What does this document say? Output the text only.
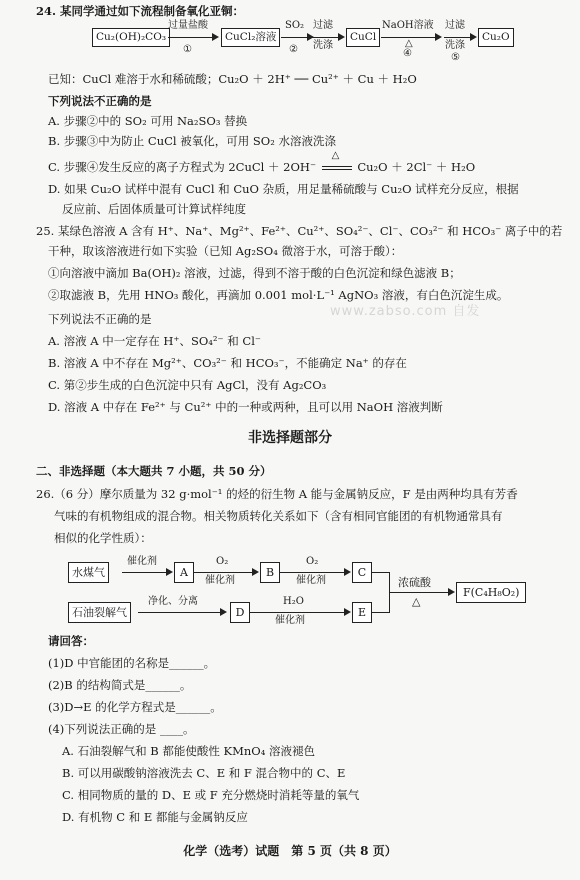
24. 某同学通过如下流程制备氧化亚铜：
Cu₂(OH)₂CO₃
过量盐酸
①
CuCl₂溶液
SO₂
②
过滤
洗涤
CuCl
NaOH溶液
△
④
过滤
洗涤
⑤
Cu₂O
已知：CuCl 难溶于水和稀硫酸；Cu₂O ＋ 2H⁺ ── Cu²⁺ ＋ Cu ＋ H₂O
下列说法不正确的是
A. 步骤②中的 SO₂ 可用 Na₂SO₃ 替换
B. 步骤③中为防止 CuCl 被氧化，可用 SO₂ 水溶液洗涤
C. 步骤④发生反应的离子方程式为 2CuCl ＋ 2OH⁻
△
Cu₂O ＋ 2Cl⁻ ＋ H₂O
D. 如果 Cu₂O 试样中混有 CuCl 和 CuO 杂质，用足量稀硫酸与 Cu₂O 试样充分反应，根据
反应前、后固体质量可计算试样纯度
25. 某绿色溶液 A 含有 H⁺、Na⁺、Mg²⁺、Fe²⁺、Cu²⁺、SO₄²⁻、Cl⁻、CO₃²⁻ 和 HCO₃⁻ 离子中的若
干种，取该溶液进行如下实验（已知 Ag₂SO₄ 微溶于水，可溶于酸）：
①向溶液中滴加 Ba(OH)₂ 溶液，过滤，得到不溶于酸的白色沉淀和绿色滤液 B；
②取滤液 B，先用 HNO₃ 酸化，再滴加 0.001 mol·L⁻¹ AgNO₃ 溶液，有白色沉淀生成。
www.zabso.com 自发
下列说法不正确的是
A. 溶液 A 中一定存在 H⁺、SO₄²⁻ 和 Cl⁻
B. 溶液 A 中不存在 Mg²⁺、CO₃²⁻ 和 HCO₃⁻，不能确定 Na⁺ 的存在
C. 第②步生成的白色沉淀中只有 AgCl，没有 Ag₂CO₃
D. 溶液 A 中存在 Fe²⁺ 与 Cu²⁺ 中的一种或两种，且可以用 NaOH 溶液判断
非选择题部分
二、非选择题（本大题共 7 小题，共 50 分）
26.（6 分）摩尔质量为 32 g·mol⁻¹ 的烃的衍生物 A 能与金属钠反应，F 是由两种均具有芳香
气味的有机物组成的混合物。相关物质转化关系如下（含有相同官能团的有机物通常具有
相似的化学性质）：
水煤气
催化剂
A
O₂
催化剂
B
O₂
催化剂
C
石油裂解气
净化、分离
D
H₂O
催化剂
E
浓硫酸
△
F(C₄H₈O₂)
请回答：
(1)D 中官能团的名称是______。
(2)B 的结构简式是______。
(3)D→E 的化学方程式是______。
(4)下列说法正确的是 ____。
A. 石油裂解气和 B 都能使酸性 KMnO₄ 溶液褪色
B. 可以用碳酸钠溶液洗去 C、E 和 F 混合物中的 C、E
C. 相同物质的量的 D、E 或 F 充分燃烧时消耗等量的氧气
D. 有机物 C 和 E 都能与金属钠反应
化学（选考）试题　第 5 页（共 8 页）
